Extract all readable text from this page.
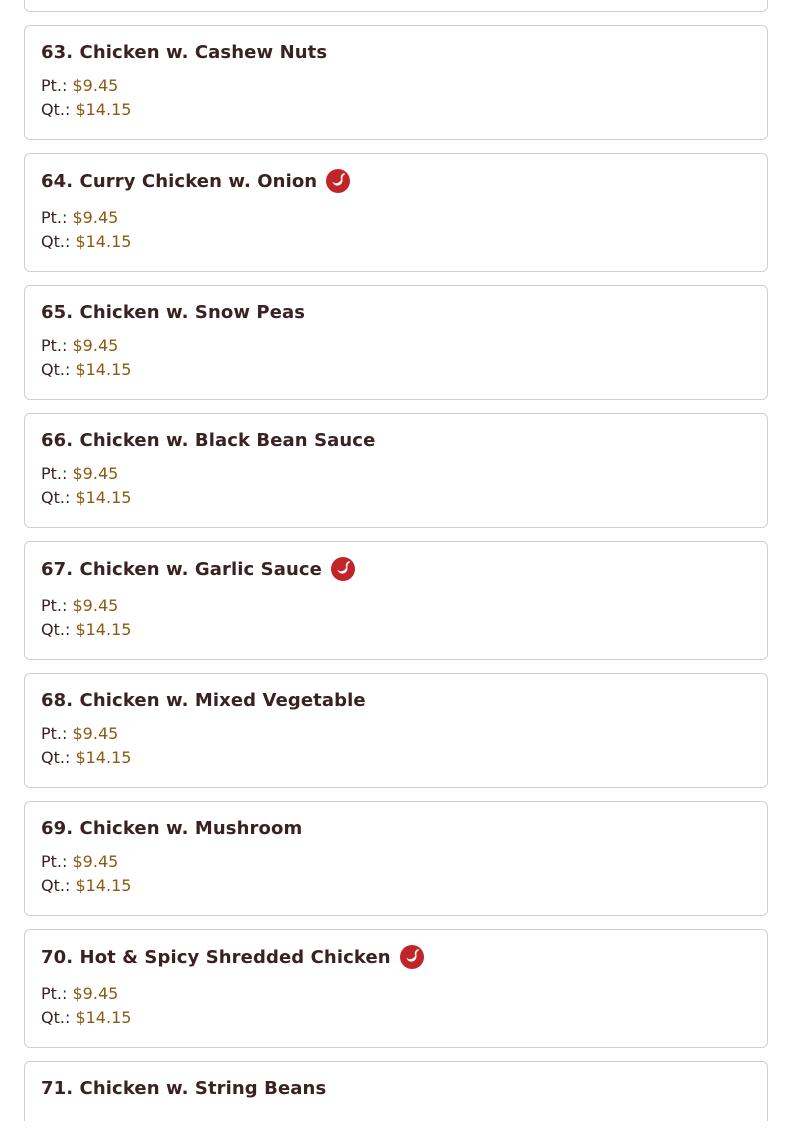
63. Chicken w. Cashew Nuts
Pt.: $9.45
Qt.: $14.15
64. Curry Chicken w. Onion
Pt.: $9.45
Qt.: $14.15
65. Chicken w. Snow Peas
Pt.: $9.45
Qt.: $14.15
66. Chicken w. Black Bean Sauce
Pt.: $9.45
Qt.: $14.15
67. Chicken w. Garlic Sauce
Pt.: $9.45
Qt.: $14.15
68. Chicken w. Mixed Vegetable
Pt.: $9.45
Qt.: $14.15
69. Chicken w. Mushroom
Pt.: $9.45
Qt.: $14.15
70. Hot & Spicy Shredded Chicken
Pt.: $9.45
Qt.: $14.15
71. Chicken w. String Beans
